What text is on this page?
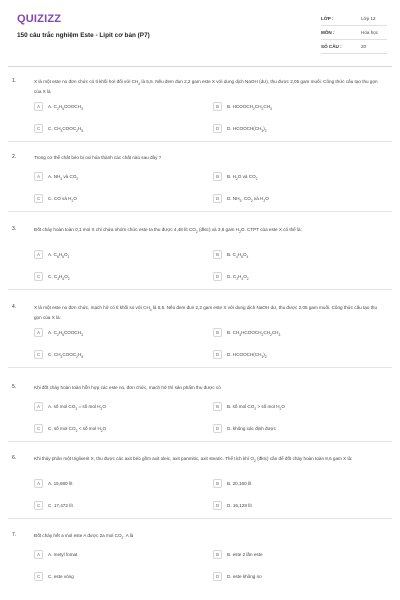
QUIZIZZ
150 câu trắc nghiệm Este - Lipit cơ bản (P7)
LỚP :	Lớp 12
MÔN :	Hóa học
SỐ CÂU :	20
1.	X là một este no đơn chức có tỉ khối hơi đối với $CH_4$ là 5,5. Nếu đem đun 2,2 gam este X với dung dịch NaOH (dư), thu được 2,05 gam muối. Công thức cấu tạo thu gọn của X là
A	A. $C_2H_5COOCH_3$	B	B. $HCOOCH_2CH_2CH_3$
C	C. $CH_3COOC_2H_5$	D	D. $HCOOCH(CH_3)_2$
2.	Trong cơ thể chất béo bị oxi hóa thành các chất nào sau đây ?
A	A. $NH_3$ và $CO_2$	B	B. $H_2O$ và $CO_2$
C	C. CO và $H_2O$	D	D. $NH_3$, $CO_2$ và $H_2O$
3.	Đốt cháy hoàn toàn 0,1 mol X chỉ chứa nhóm chức este ta thu được 4,48 lít $CO_2$ (đktc) và 3,6 gam $H_2O$. CTPT của este X có thể là:
A	A. $C_6H_8O_2$	B	B. $C_4H_8O_4$
C	C. $C_3H_6O_2$	D	D. $C_2H_4O_2$
4.	X là một este no đơn chức, mạch hở có tỉ khối so với $CH_4$ là 5,5. Nếu đem đun 2,2 gam este X với dung dịch NaOH dư, thu được 2,05 gam muối. Công thức cấu tạo thu gọn của X là:
A	A. $C_2H_5COOCH_3$	B	B. $CH_3HCOOCH_2CH_2CH_3$
C	C. $CH_3COOC_2H_5$	D	D. $HCOOCH(CH_3)_2$
5.	Khi đốt cháy hoàn toàn hỗn hợp các este no, đơn chức, mạch hở thì sản phẩm thu được có
A	A. số mol $CO_2$ = số mol $H_2O$	B	B. số mol $CO_2$ > số mol $H_2O$
C	C. số mol $CO_2$ < số mol $H_2O$	D	D. không xác định được
6.	Khi thủy phân một triglixerit X, thu được các axit béo gồm axit oleic, axit panmitic, axit stearic. Thể tích khí $O_2$ (đktc) cần để đốt cháy hoàn toàn 8,6 gam X là:
A	A. 15,680 lít	B	B. 20,160 lít
C	C. 17,472 lít	D	D. 16,128 lít
7.	Đốt cháy hết a mol este A được 2a mol $CO_2$. A là
A	A. metyl fomat	B	B. este 2 lần este
C	C. este vòng	D	D. este không no
